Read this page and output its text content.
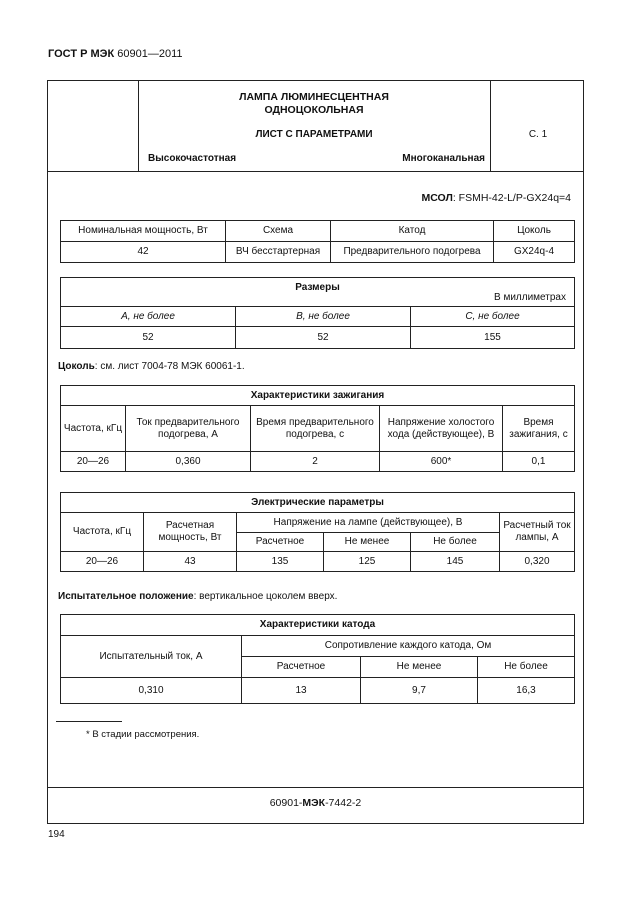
ГОСТ Р МЭК 60901—2011
ЛАМПА ЛЮМИНЕСЦЕНТНАЯ
ОДНОЦОКОЛЬНАЯ
ЛИСТ С ПАРАМЕТРАМИ	С. 1
Высокочастотная	Многоканальная
МСОЛ: FSMH-42-L/P-GX24q=4
Номинальная мощность, Вт	Схема	Катод	Цоколь
42	ВЧ бесстартерная	Предварительного подогрева	GX24q-4
Размеры
В миллиметрах		

A, не более	B, не более	C, не более
52	52	155
Цоколь: см. лист 7004-78 МЭК 60061-1.
Характеристики зажигания				
Частота, кГц	Ток предварительного подогрева, А	Время предварительного подогрева, с	Напряжение холостого хода (действующее), В	Время зажигания, с
20—26	0,360	2	600*	0,1
Электрические параметры					
Частота, кГц	Расчетная мощность, Вт	Напряжение на лампе (действующее), В			Расчетный ток лампы, А
		Расчетное	Не менее	Не более	
20—26	43	135	125	145	0,320
Испытательное положение: вертикальное цоколем вверх.
Характеристики катода			
Испытательный ток, А	Сопротивление каждого катода, Ом		
	Расчетное	Не менее	Не более
0,310	13	9,7	16,3
* В стадии рассмотрения.
60901-МЭК-7442-2
194
